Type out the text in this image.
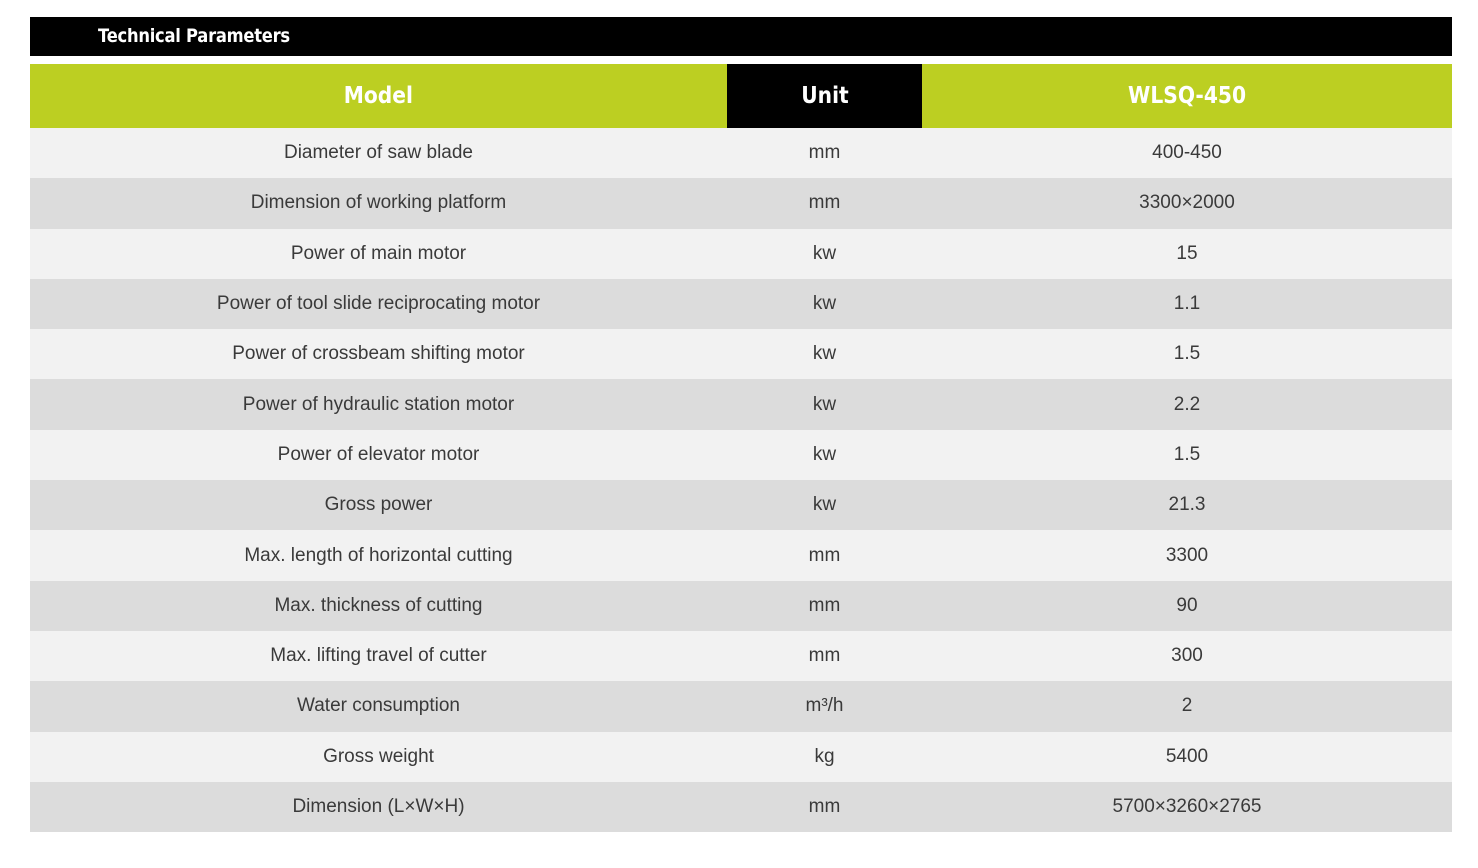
Technical Parameters
Model	Unit	WLSQ-450
Diameter of saw blade	mm	400-450
Dimension of working platform	mm	3300×2000
Power of main motor	kw	15
Power of tool slide reciprocating motor	kw	1.1
Power of crossbeam shifting motor	kw	1.5
Power of hydraulic station motor	kw	2.2
Power of elevator motor	kw	1.5
Gross power	kw	21.3
Max. length of horizontal cutting	mm	3300
Max. thickness of cutting	mm	90
Max. lifting travel of cutter	mm	300
Water consumption	m³/h	2
Gross weight	kg	5400
Dimension (L×W×H)	mm	5700×3260×2765
